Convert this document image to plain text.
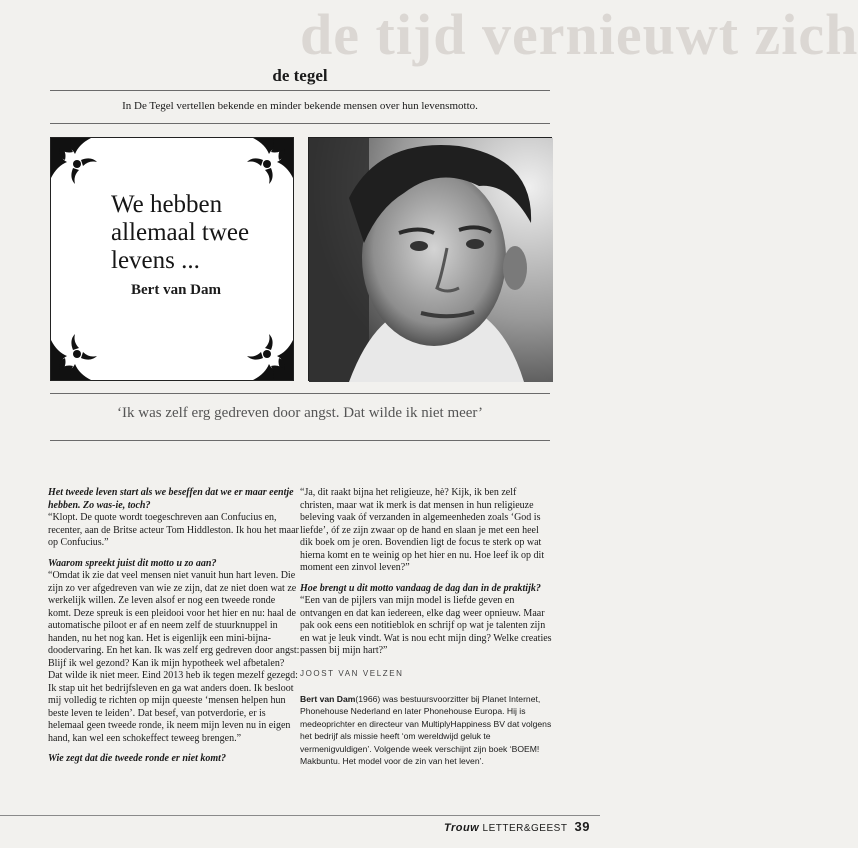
de tijd vernieuwt zich
de tegel
In De Tegel vertellen bekende en minder bekende mensen over hun levensmotto.
We hebben
allemaal twee
levens ...
Bert van Dam
‘Ik was zelf erg gedreven door angst. Dat wilde ik niet meer’

Het tweede leven start als we beseffen dat we er maar eentje hebben. Zo was-ie, toch?
“Klopt. De quote wordt toegeschreven aan Confucius en, recenter, aan de Britse acteur Tom Hiddleston. Ik hou het maar op Confucius.”

Waarom spreekt juist dit motto u zo aan?
“Omdat ik zie dat veel mensen niet vanuit hun hart leven. Die zijn zo ver afgedreven van wie ze zijn, dat ze niet doen wat ze werkelijk willen. Ze leven alsof er nog een tweede ronde komt. Deze spreuk is een pleidooi voor het hier en nu: haal de automatische piloot er af en neem zelf de stuurknuppel in handen, nu het nog kan. Het is eigenlijk een mini-bijna-doodervaring. En het kan. Ik was zelf erg gedreven door angst: Blijf ik wel gezond? Kan ik mijn hypotheek wel afbetalen? Dat wilde ik niet meer. Eind 2013 heb ik tegen mezelf gezegd: Ik stap uit het bedrijfsleven en ga wat anders doen. Ik besloot mij volledig te richten op mijn queeste ‘mensen helpen hun beste leven te leiden’. Dat besef, van potverdorie, er is helemaal geen tweede ronde, ik neem mijn leven nu in eigen hand, kan wel een schokeffect teweeg brengen.”

Wie zegt dat die tweede ronde er niet komt?

“Ja, dit raakt bijna het religieuze, hè? Kijk, ik ben zelf christen, maar wat ik merk is dat mensen in hun religieuze beleving vaak óf verzanden in algemeenheden zoals ‘God is liefde’, óf ze zijn zwaar op de hand en slaan je met een heel dik boek om je oren. Bovendien ligt de focus te sterk op wat hierna komt en te weinig op het hier en nu. Hoe leef ik op dit moment een zinvol leven?”

Hoe brengt u dit motto vandaag de dag dan in de praktijk?
“Een van de pijlers van mijn model is liefde geven en ontvangen en dat kan iedereen, elke dag weer opnieuw. Maar pak ook eens een notitieblok en schrijf op wat je talenten zijn en wat je leuk vindt. Wat is nou echt mijn ding? Welke creaties passen bij mijn hart?”

JOOST VAN VELZEN

Bert van Dam(1966) was bestuursvoorzitter bij Planet Internet, Phonehouse Nederland en later Phonehouse Europa. Hij is medeoprichter en directeur van MultiplyHappiness BV dat volgens het bedrijf als missie heeft ‘om wereldwijd geluk te vermenigvuldigen’. Volgende week verschijnt zijn boek ‘BOEM! Makbuntu. Het model voor de zin van het leven’.

Trouw LETTER&GEEST 39
